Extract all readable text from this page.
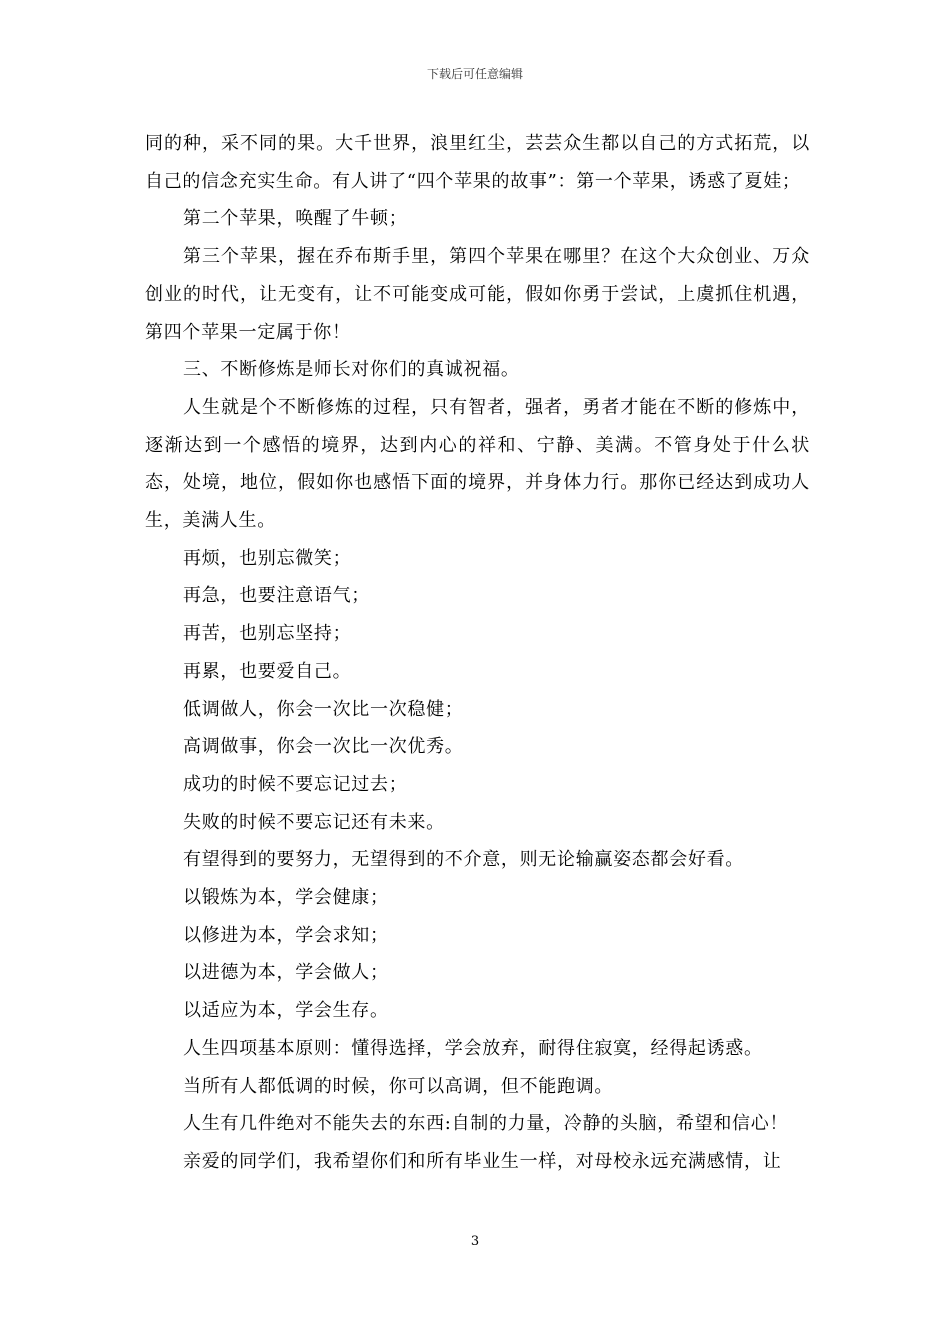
下载后可任意编辑

同的种，采不同的果。大千世界，浪里红尘，芸芸众生都以自己的方式拓荒，以自己的信念充实生命。有人讲了“四个苹果的故事”：第一个苹果，诱惑了夏娃；

第二个苹果，唤醒了牛顿；

第三个苹果，握在乔布斯手里，第四个苹果在哪里？在这个大众创业、万众创业的时代，让无变有，让不可能变成可能，假如你勇于尝试，上虞抓住机遇，第四个苹果一定属于你！

三、不断修炼是师长对你们的真诚祝福。

人生就是个不断修炼的过程，只有智者，强者，勇者才能在不断的修炼中，逐渐达到一个感悟的境界，达到内心的祥和、宁静、美满。不管身处于什么状态，处境，地位，假如你也感悟下面的境界，并身体力行。那你已经达到成功人生，美满人生。

再烦，也别忘微笑；

再急，也要注意语气；

再苦，也别忘坚持；

再累，也要爱自己。

低调做人，你会一次比一次稳健；

高调做事，你会一次比一次优秀。

成功的时候不要忘记过去；

失败的时候不要忘记还有未来。

有望得到的要努力，无望得到的不介意，则无论输赢姿态都会好看。

以锻炼为本，学会健康；

以修进为本，学会求知；

以进德为本，学会做人；

以适应为本，学会生存。

人生四项基本原则：懂得选择，学会放弃，耐得住寂寞，经得起诱惑。

当所有人都低调的时候，你可以高调，但不能跑调。

人生有几件绝对不能失去的东西:自制的力量，冷静的头脑，希望和信心！

亲爱的同学们，我希望你们和所有毕业生一样，对母校永远充满感情，让

3
